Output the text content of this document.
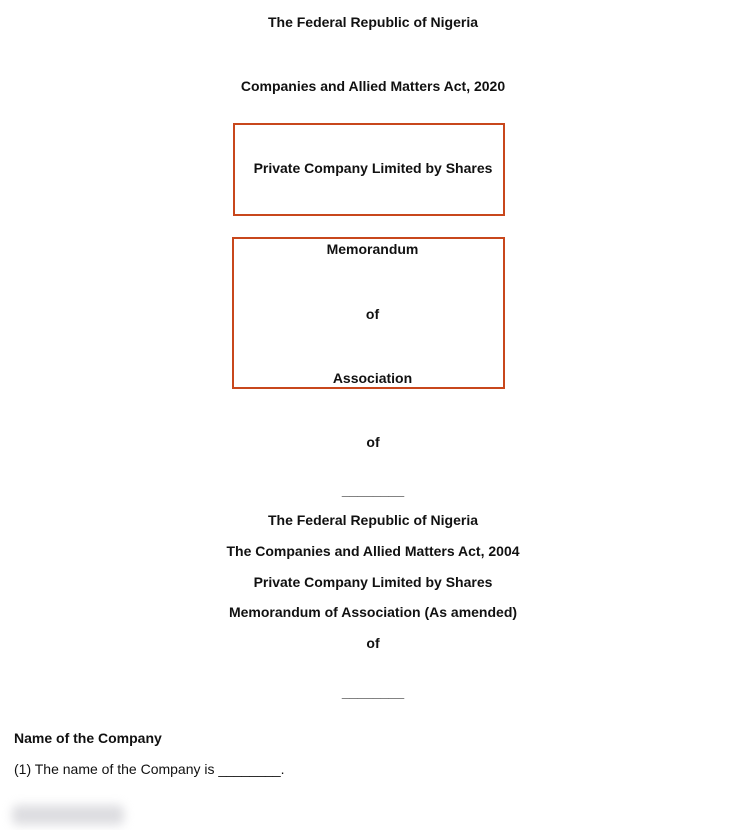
The Federal Republic of Nigeria
Companies and Allied Matters Act, 2020
Private Company Limited by Shares
Memorandum
of
Association
of
________
The Federal Republic of Nigeria
The Companies and Allied Matters Act, 2004
Private Company Limited by Shares
Memorandum of Association (As amended)
of
________
Name of the Company
(1) The name of the Company is ________.
